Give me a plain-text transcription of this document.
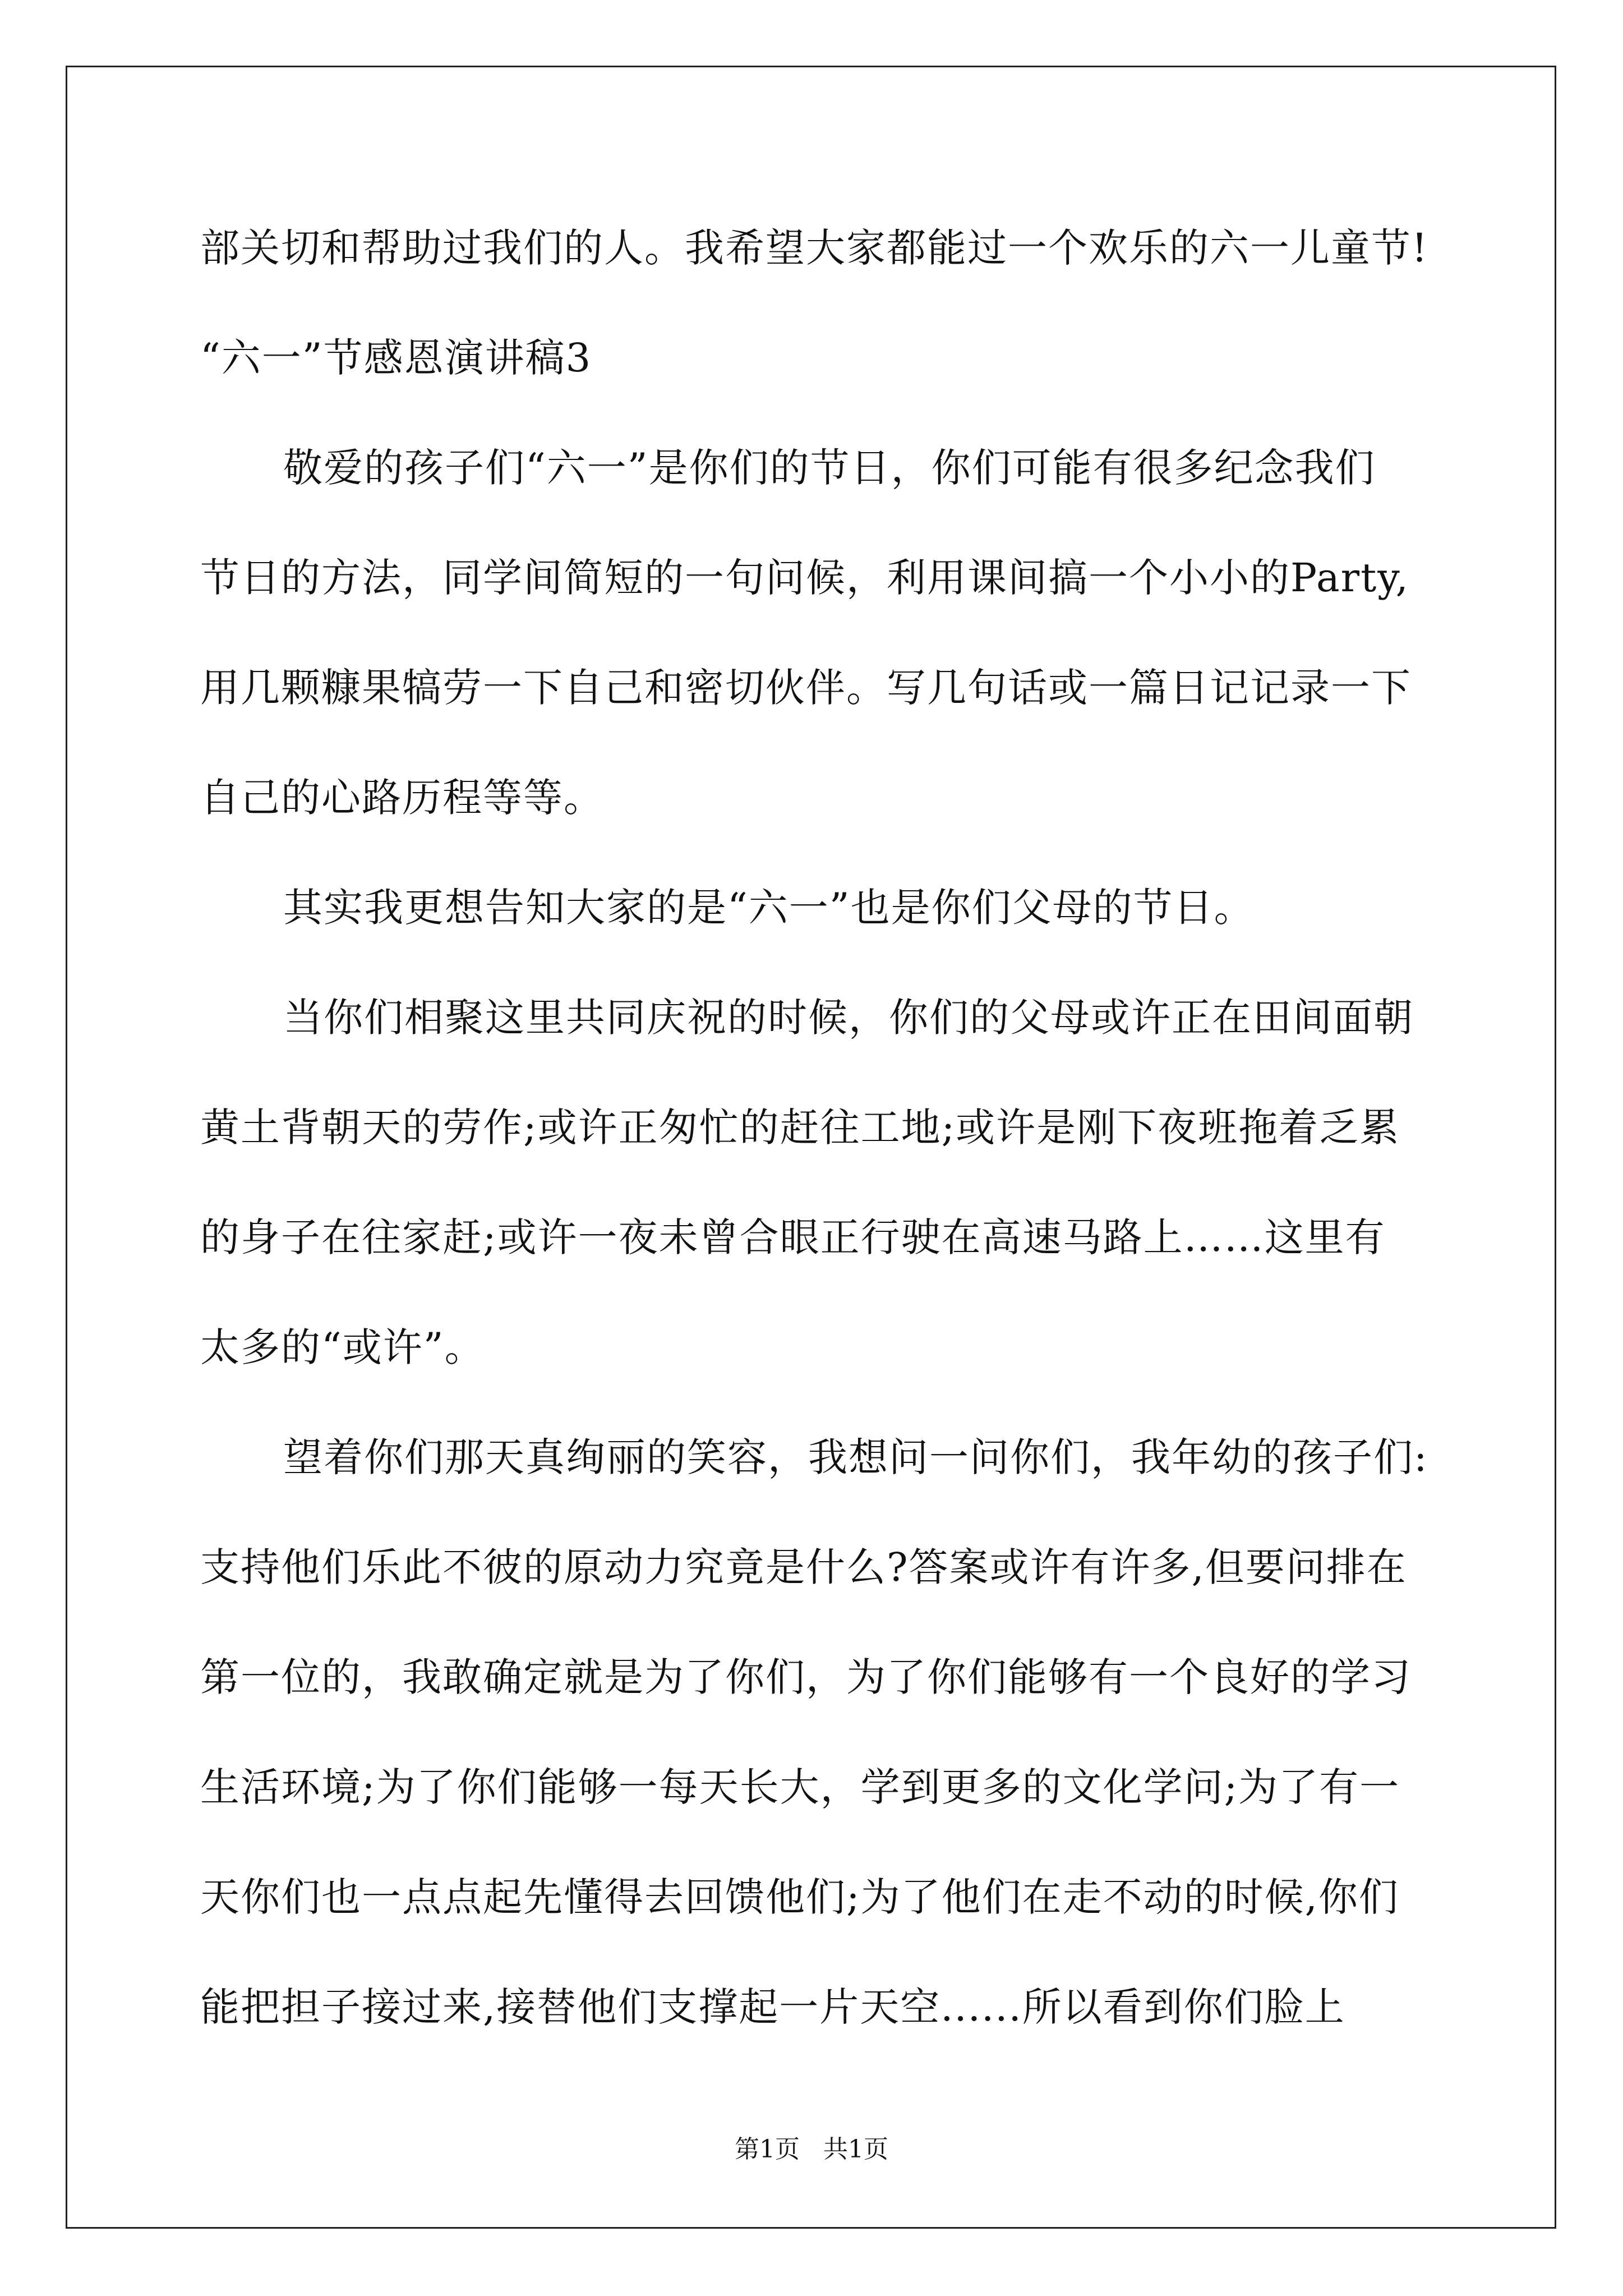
部关切和帮助过我们的人。我希望大家都能过一个欢乐的六一儿童节!
“六一”节感恩演讲稿3
敬爱的孩子们“六一”是你们的节日，你们可能有很多纪念我们
节日的方法，同学间简短的一句问候，利用课间搞一个小小的Party,
用几颗糠果犒劳一下自己和密切伙伴。写几句话或一篇日记记录一下
自己的心路历程等等。
其实我更想告知大家的是“六一”也是你们父母的节日。
当你们相聚这里共同庆祝的时候，你们的父母或许正在田间面朝
黄土背朝天的劳作;或许正匆忙的赶往工地;或许是刚下夜班拖着乏累
的身子在往家赶;或许一夜未曾合眼正行驶在高速马路上……这里有
太多的“或许”。
望着你们那天真绚丽的笑容，我想问一问你们，我年幼的孩子们:
支持他们乐此不彼的原动力究竟是什么?答案或许有许多,但要问排在
第一位的，我敢确定就是为了你们，为了你们能够有一个良好的学习
生活环境;为了你们能够一每天长大，学到更多的文化学问;为了有一
天你们也一点点起先懂得去回馈他们;为了他们在走不动的时候,你们
能把担子接过来,接替他们支撑起一片天空......所以看到你们脸上
第1页   共1页
